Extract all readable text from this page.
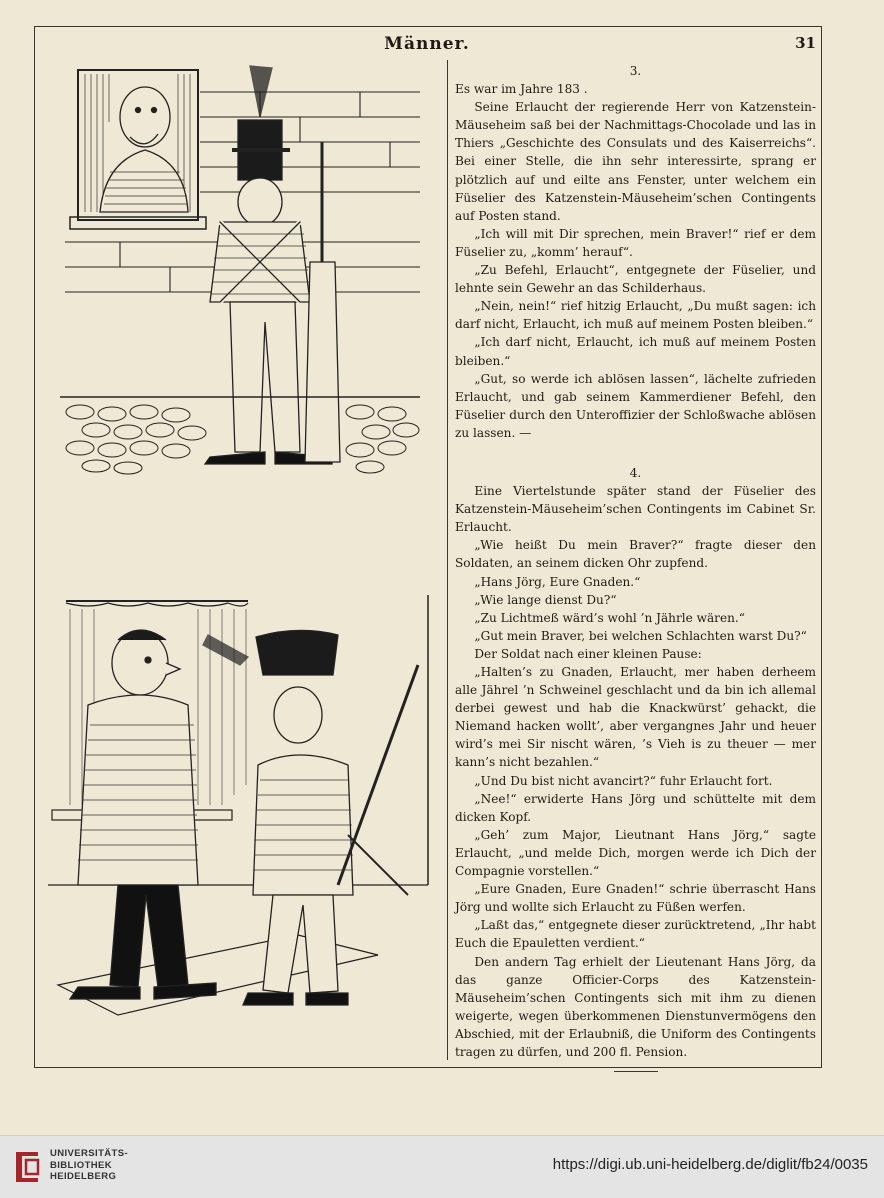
Männer.	31

3.

Es war im Jahre 183 .

Seine Erlaucht der regierende Herr von Katzenstein-Mäuseheim saß bei der Nachmittags-Chocolade und las in Thiers „Geschichte des Consulats und des Kaiserreichs“. Bei einer Stelle, die ihn sehr interessirte, sprang er plötzlich auf und eilte ans Fenster, unter welchem ein Füselier des Katzenstein-Mäuseheim’schen Contingents auf Posten stand.

„Ich will mit Dir sprechen, mein Braver!“ rief er dem Füselier zu, „komm’ herauf“.

„Zu Befehl, Erlaucht“, entgegnete der Füselier, und lehnte sein Gewehr an das Schilderhaus.

„Nein, nein!“ rief hitzig Erlaucht, „Du mußt sagen: ich darf nicht, Erlaucht, ich muß auf meinem Posten bleiben.“

„Ich darf nicht, Erlaucht, ich muß auf meinem Posten bleiben.“

„Gut, so werde ich ablösen lassen“, lächelte zufrieden Erlaucht, und gab seinem Kammerdiener Befehl, den Füselier durch den Unteroffizier der Schloßwache ablösen zu lassen. —

4.

Eine Viertelstunde später stand der Füselier des Katzenstein-Mäuseheim’schen Contingents im Cabinet Sr. Erlaucht.

„Wie heißt Du mein Braver?“ fragte dieser den Soldaten, an seinem dicken Ohr zupfend.

„Hans Jörg, Eure Gnaden.“

„Wie lange dienst Du?“

„Zu Lichtmeß wärd’s wohl ’n Jährle wären.“

„Gut mein Braver, bei welchen Schlachten warst Du?“

Der Soldat nach einer kleinen Pause:

„Halten’s zu Gnaden, Erlaucht, mer haben derheem alle Jährel ’n Schweinel geschlacht und da bin ich allemal derbei gewest und hab die Knackwürst’ gehackt, die Niemand hacken wollt’, aber vergangnes Jahr und heuer wird’s mei Sir nischt wären, ’s Vieh is zu theuer — mer kann’s nicht bezahlen.“

„Und Du bist nicht avancirt?“ fuhr Erlaucht fort.

„Nee!“ erwiderte Hans Jörg und schüttelte mit dem dicken Kopf.

„Geh’ zum Major, Lieutnant Hans Jörg,“ sagte Erlaucht, „und melde Dich, morgen werde ich Dich der Compagnie vorstellen.“

„Eure Gnaden, Eure Gnaden!“ schrie überrascht Hans Jörg und wollte sich Erlaucht zu Füßen werfen.

„Laßt das,“ entgegnete dieser zurücktretend, „Ihr habt Euch die Epauletten verdient.“

Den andern Tag erhielt der Lieutenant Hans Jörg, da das ganze Officier-Corps des Katzenstein-Mäuseheim’schen Contingents sich mit ihm zu dienen weigerte, wegen überkommenen Dienstunvermögens den Abschied, mit der Erlaubniß, die Uniform des Contingents tragen zu dürfen, und 200 fl. Pension.

UNIVERSITÄTS-
BIBLIOTHEK
HEIDELBERG
https://digi.ub.uni-heidelberg.de/diglit/fb24/0035
